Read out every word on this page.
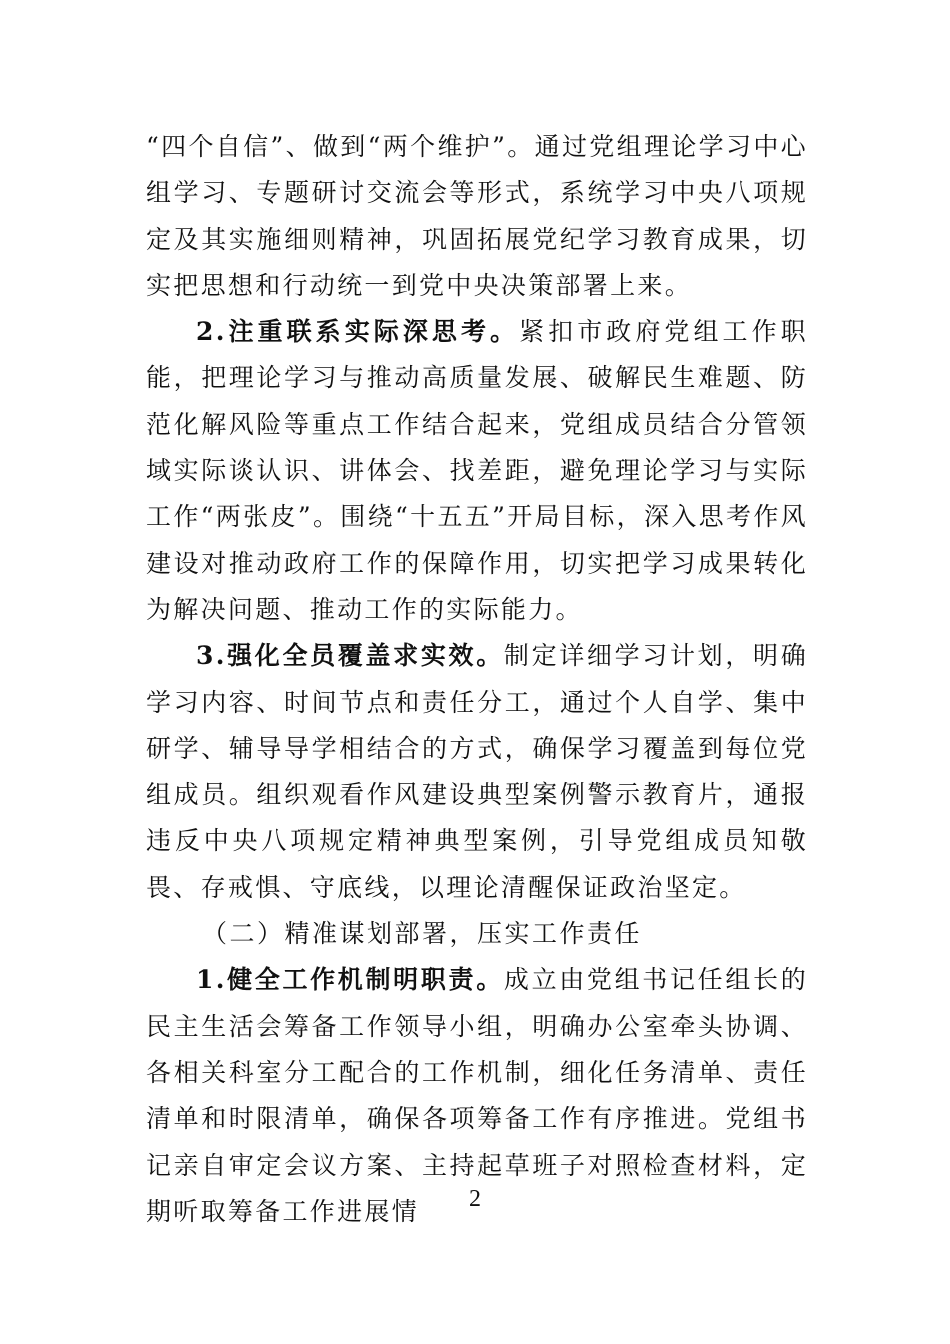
“四个自信”、做到“两个维护”。通过党组理论学习中心组学习、专题研讨交流会等形式，系统学习中央八项规定及其实施细则精神，巩固拓展党纪学习教育成果，切实把思想和行动统一到党中央决策部署上来。

2.注重联系实际深思考。紧扣市政府党组工作职能，把理论学习与推动高质量发展、破解民生难题、防范化解风险等重点工作结合起来，党组成员结合分管领域实际谈认识、讲体会、找差距，避免理论学习与实际工作“两张皮”。围绕“十五五”开局目标，深入思考作风建设对推动政府工作的保障作用，切实把学习成果转化为解决问题、推动工作的实际能力。

3.强化全员覆盖求实效。制定详细学习计划，明确学习内容、时间节点和责任分工，通过个人自学、集中研学、辅导导学相结合的方式，确保学习覆盖到每位党组成员。组织观看作风建设典型案例警示教育片，通报违反中央八项规定精神典型案例，引导党组成员知敬畏、存戒惧、守底线，以理论清醒保证政治坚定。

（二）精准谋划部署，压实工作责任

1.健全工作机制明职责。成立由党组书记任组长的民主生活会筹备工作领导小组，明确办公室牵头协调、各相关科室分工配合的工作机制，细化任务清单、责任清单和时限清单，确保各项筹备工作有序推进。党组书记亲自审定会议方案、主持起草班子对照检查材料，定期听取筹备工作进展情	2
